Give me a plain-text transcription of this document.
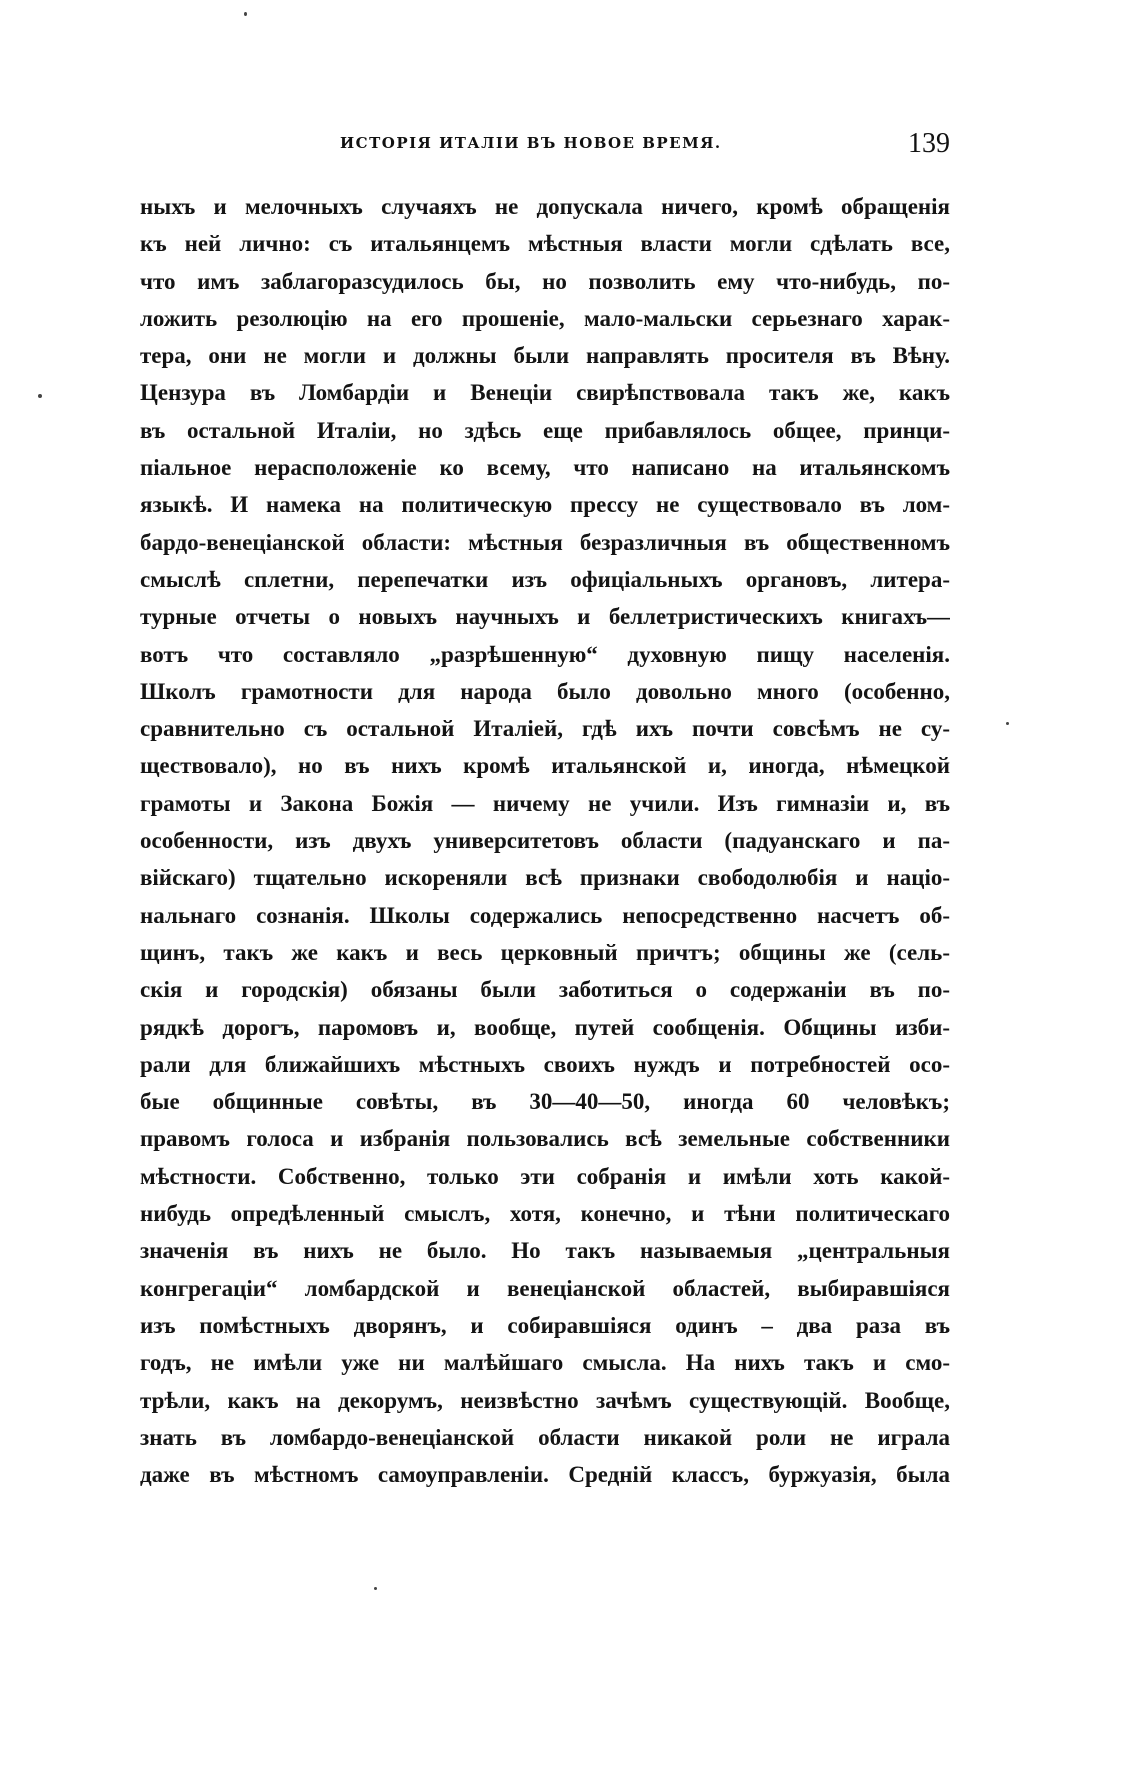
ИСТОРІЯ ИТАЛІИ ВЪ НОВОЕ ВРЕМЯ.	139
ныхъ и мелочныхъ случаяхъ не допускала ничего, кромѣ обращенія
къ ней лично: съ итальянцемъ мѣстныя власти могли сдѣлать все,
что имъ заблагоразсудилось бы, но позволить ему что-нибудь, по-
ложить резолюцію на его прошеніе, мало-мальски серьезнаго харак-
тера, они не могли и должны были направлять просителя въ Вѣну.
Цензура въ Ломбардіи и Венеціи свирѣпствовала такъ же, какъ
въ остальной Италіи, но здѣсь еще прибавлялось общее, принци-
піальное нерасположеніе ко всему, что написано на итальянскомъ
языкѣ. И намека на политическую прессу не существовало въ лом-
бардо-венеціанской области: мѣстныя безразличныя въ общественномъ
смыслѣ сплетни, перепечатки изъ офиціальныхъ органовъ, литера-
турные отчеты о новыхъ научныхъ и беллетристическихъ книгахъ—
вотъ что составляло „разрѣшенную“ духовную пищу населенія.
Школъ грамотности для народа было довольно много (особенно,
сравнительно съ остальной Италіей, гдѣ ихъ почти совсѣмъ не су-
ществовало), но въ нихъ кромѣ итальянской и, иногда, нѣмецкой
грамоты и Закона Божія — ничему не учили. Изъ гимназіи и, въ
особенности, изъ двухъ университетовъ области (падуанскаго и па-
війскаго) тщательно искореняли всѣ признаки свободолюбія и націо-
нальнаго сознанія. Школы содержались непосредственно насчетъ об-
щинъ, такъ же какъ и весь церковный причтъ; общины же (сель-
скія и городскія) обязаны были заботиться о содержаніи въ по-
рядкѣ дорогъ, паромовъ и, вообще, путей сообщенія. Общины изби-
рали для ближайшихъ мѣстныхъ своихъ нуждъ и потребностей осо-
бые общинные совѣты, въ 30—40—50, иногда 60 человѣкъ;
правомъ голоса и избранія пользовались всѣ земельные собственники
мѣстности. Собственно, только эти собранія и имѣли хоть какой-
нибудь опредѣленный смыслъ, хотя, конечно, и тѣни политическаго
значенія въ нихъ не было. Но такъ называемыя „центральныя
конгрегаціи“ ломбардской и венеціанской областей, выбиравшіяся
изъ помѣстныхъ дворянъ, и собиравшіяся одинъ – два раза въ
годъ, не имѣли уже ни малѣйшаго смысла. На нихъ такъ и смо-
трѣли, какъ на декорумъ, неизвѣстно зачѣмъ существующій. Вообще,
знать въ ломбардо-венеціанской области никакой роли не играла
даже въ мѣстномъ самоуправленіи. Средній классъ, буржуазія, была
